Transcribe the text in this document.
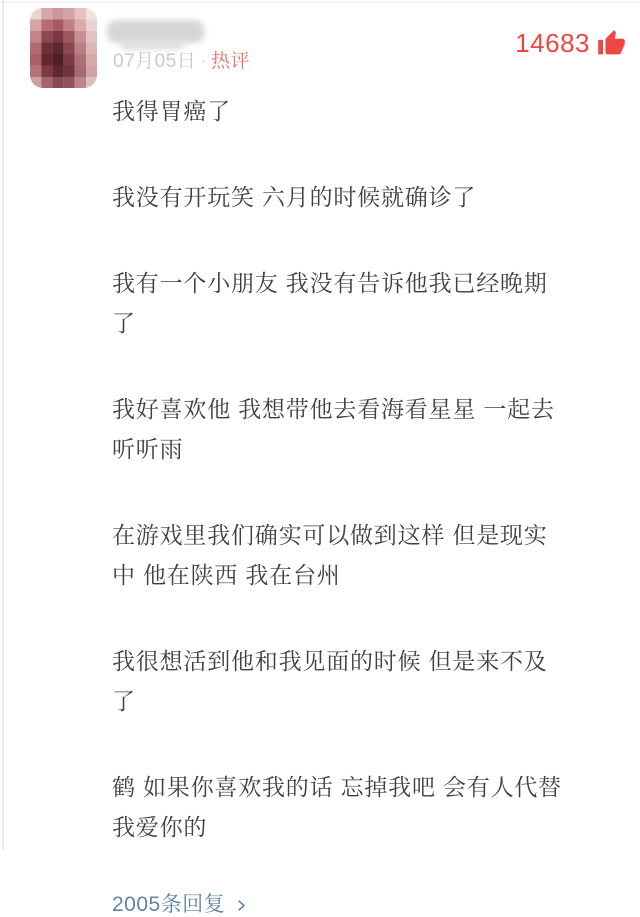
07月05日 · 热评
14683
我得胃癌了
我没有开玩笑 六月的时候就确诊了
我有一个小朋友 我没有告诉他我已经晚期
了
我好喜欢他 我想带他去看海看星星 一起去
听听雨
在游戏里我们确实可以做到这样 但是现实
中 他在陕西 我在台州
我很想活到他和我见面的时候 但是来不及
了
鹤 如果你喜欢我的话 忘掉我吧 会有人代替
我爱你的
2005条回复
